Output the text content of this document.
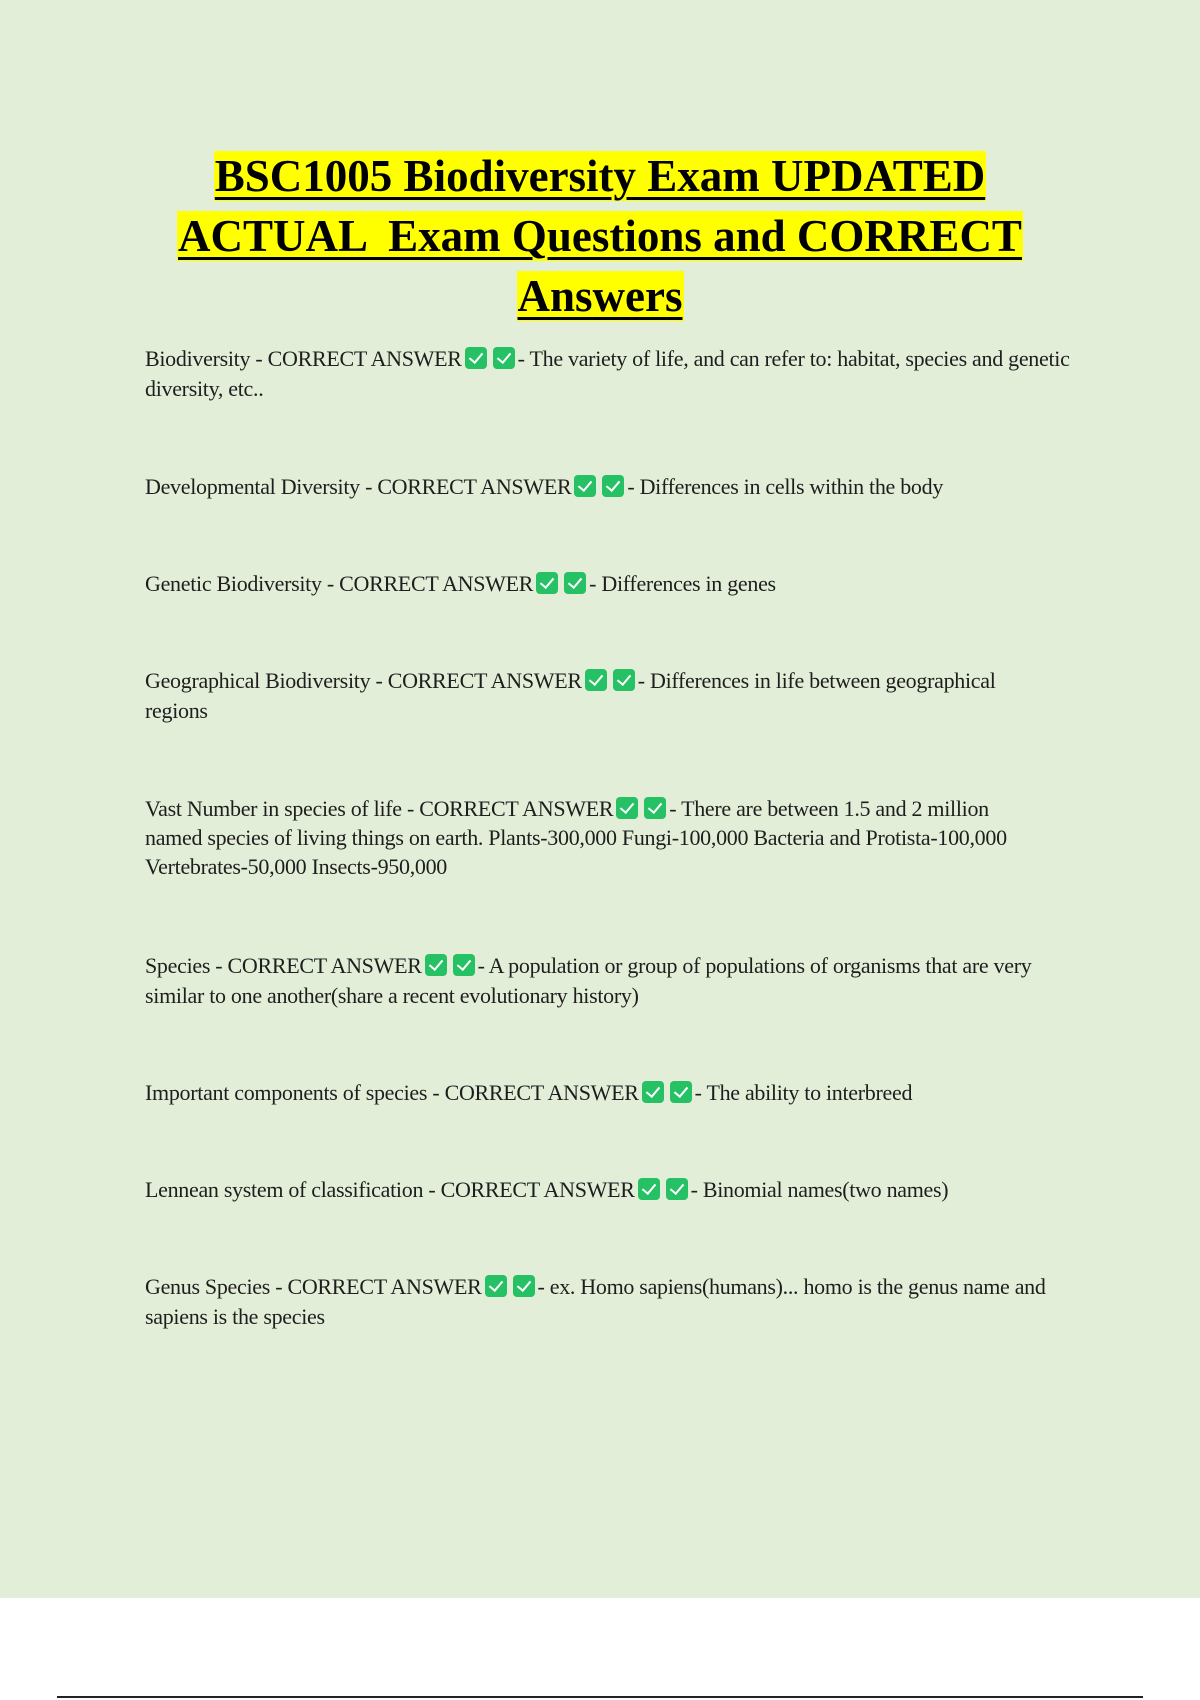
BSC1005 Biodiversity Exam UPDATED
ACTUAL  Exam Questions and CORRECT
Answers
Biodiversity - CORRECT ANSWER	- The variety of life, and can refer to: habitat, species and genetic diversity, etc..
Developmental Diversity - CORRECT ANSWER	- Differences in cells within the body
Genetic Biodiversity - CORRECT ANSWER	- Differences in genes
Geographical Biodiversity - CORRECT ANSWER	- Differences in life between geographical regions
Vast Number in species of life - CORRECT ANSWER	- There are between 1.5 and 2 million named species of living things on earth. Plants-300,000 Fungi-100,000 Bacteria and Protista-100,000 Vertebrates-50,000 Insects-950,000
Species - CORRECT ANSWER	- A population or group of populations of organisms that are very similar to one another(share a recent evolutionary history)
Important components of species - CORRECT ANSWER	- The ability to interbreed
Lennean system of classification - CORRECT ANSWER	- Binomial names(two names)
Genus Species - CORRECT ANSWER	- ex. Homo sapiens(humans)... homo is the genus name and sapiens is the species
